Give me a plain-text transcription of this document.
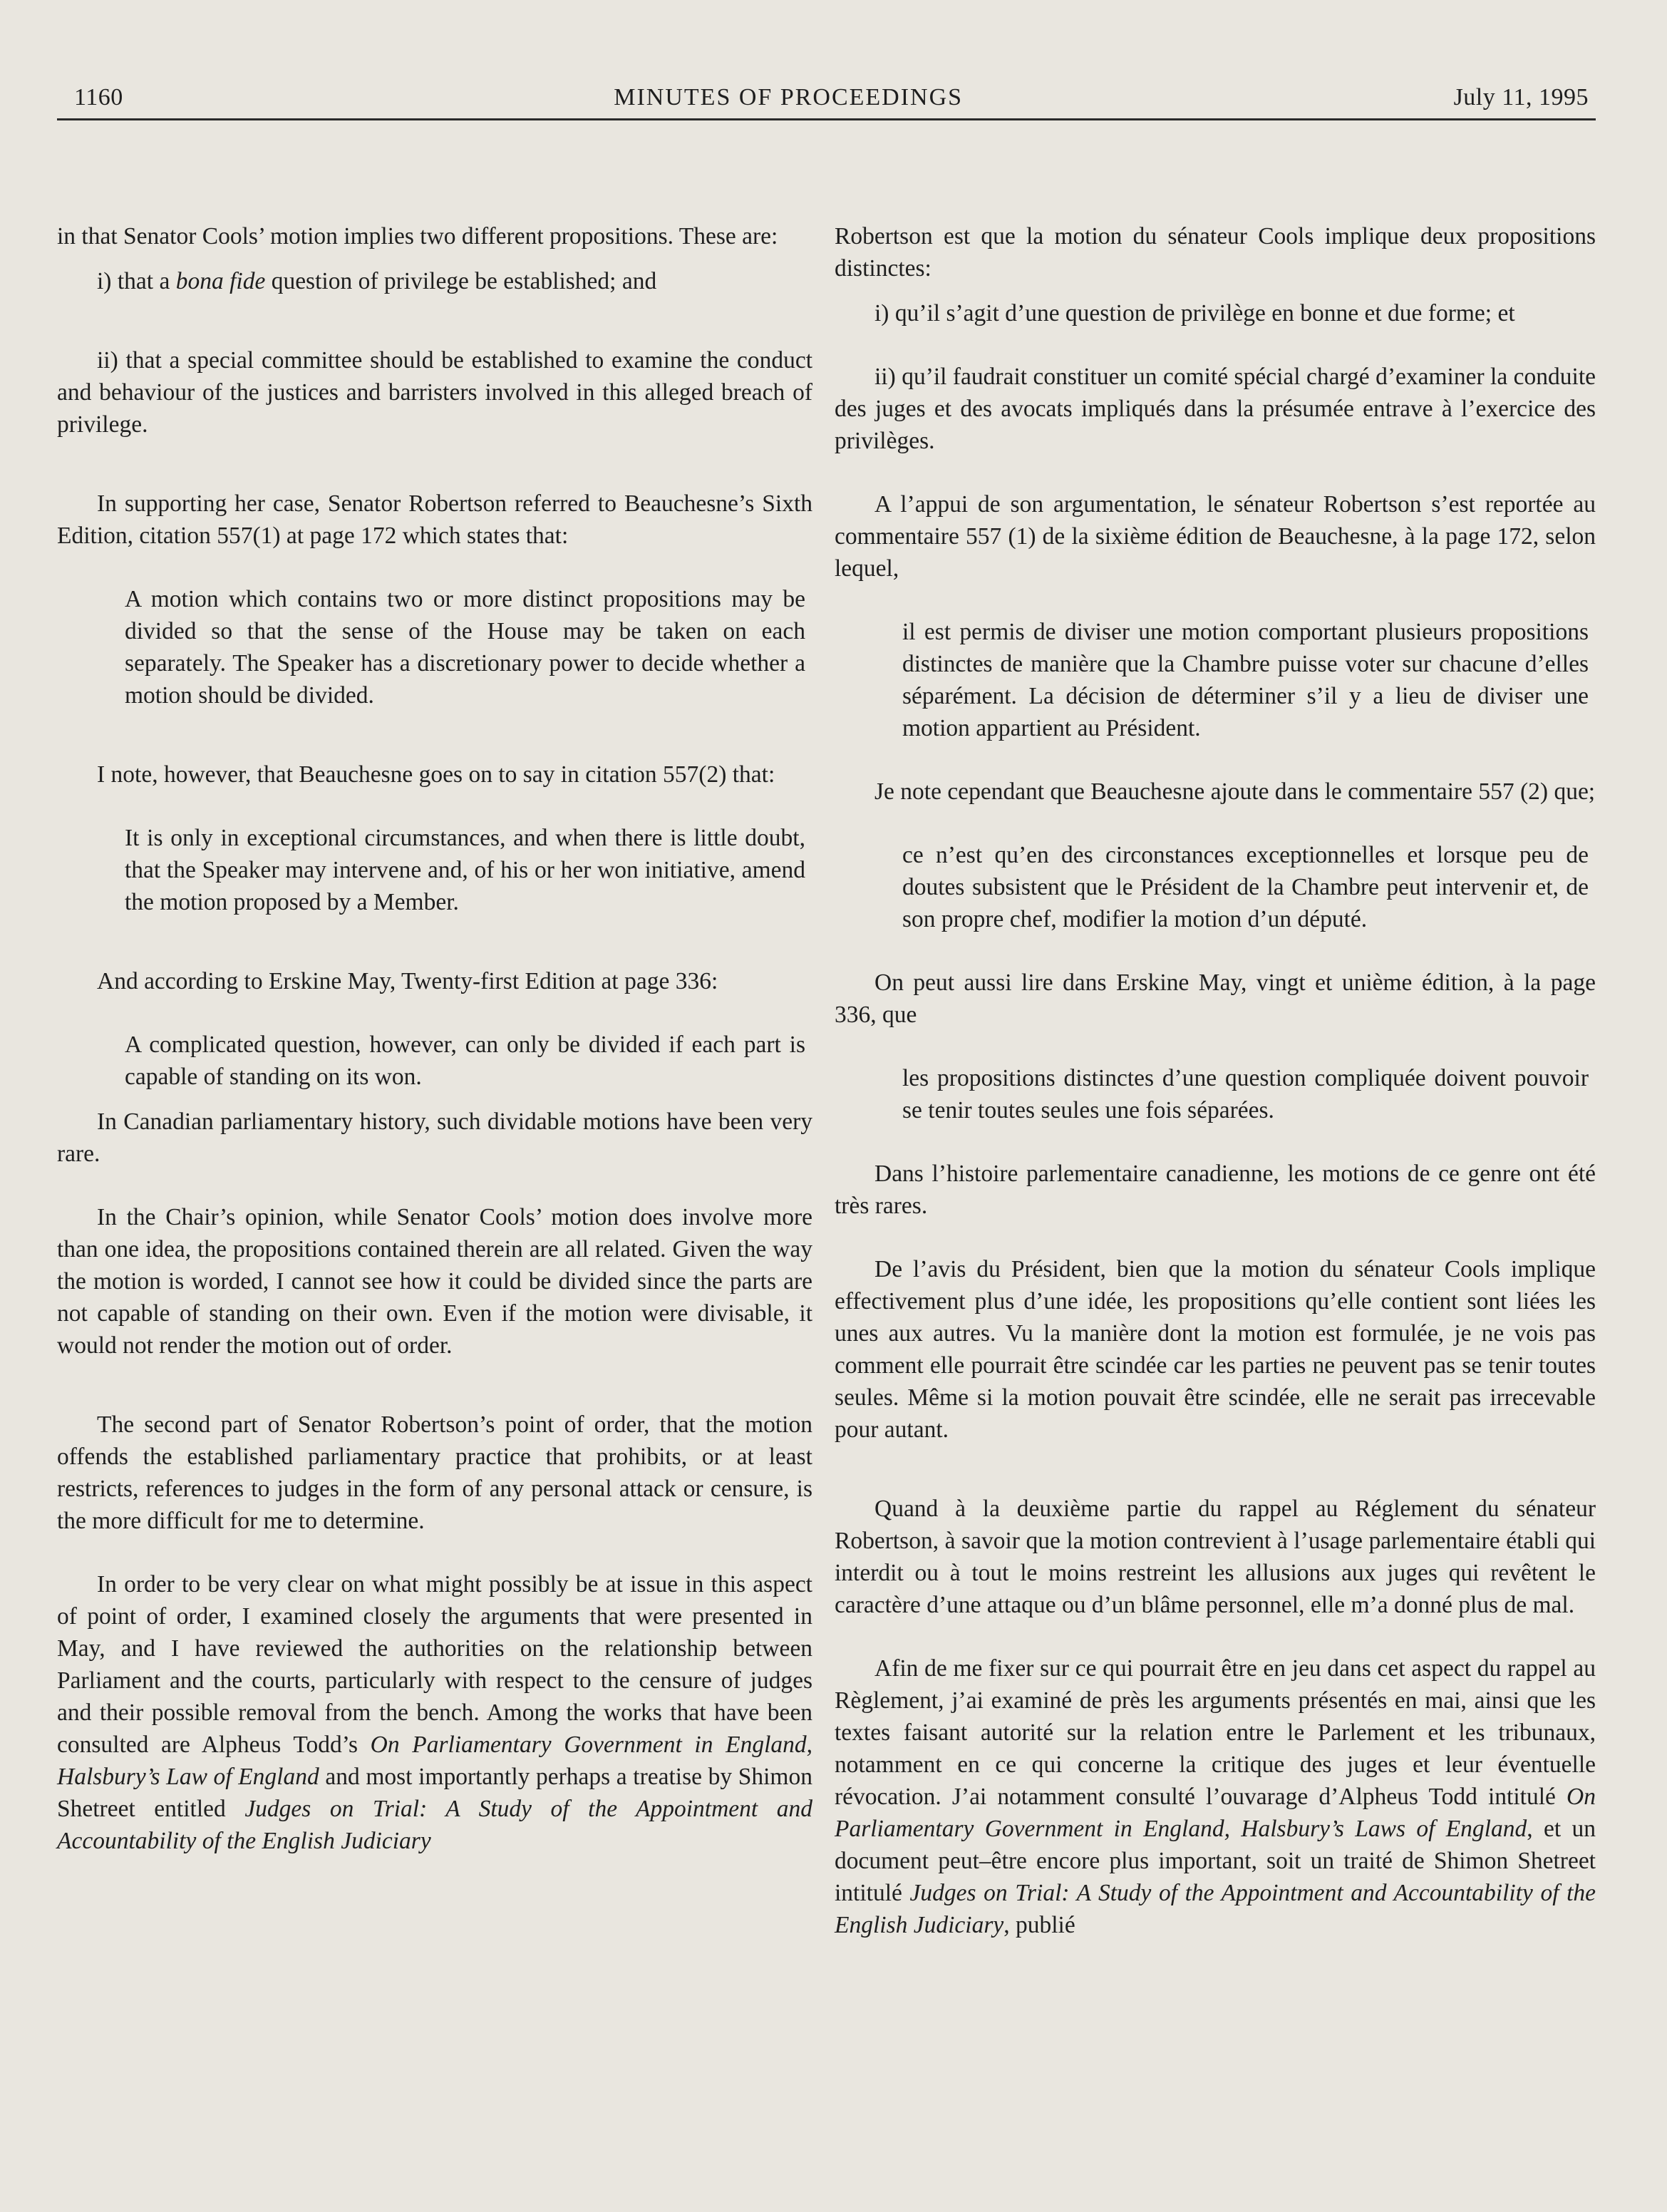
1160	MINUTES OF PROCEEDINGS	July 11, 1995

in that Senator Cools’ motion implies two different propositions. These are:

i) that a bona fide question of privilege be established; and

ii) that a special committee should be established to examine the conduct and behaviour of the justices and barristers involved in this alleged breach of privilege.

In supporting her case, Senator Robertson referred to Beauchesne’s Sixth Edition, citation 557(1) at page 172 which states that:

A motion which contains two or more distinct propositions may be divided so that the sense of the House may be taken on each separately. The Speaker has a discretionary power to decide whether a motion should be divided.

I note, however, that Beauchesne goes on to say in citation 557(2) that:

It is only in exceptional circumstances, and when there is little doubt, that the Speaker may intervene and, of his or her won initiative, amend the motion proposed by a Member.

And according to Erskine May, Twenty-first Edition at page 336:

A complicated question, however, can only be divided if each part is capable of standing on its won.

In Canadian parliamentary history, such dividable motions have been very rare.

In the Chair’s opinion, while Senator Cools’ motion does involve more than one idea, the propositions contained therein are all related. Given the way the motion is worded, I cannot see how it could be divided since the parts are not capable of standing on their own. Even if the motion were divisable, it would not render the motion out of order.

The second part of Senator Robertson’s point of order, that the motion offends the established parliamentary practice that prohibits, or at least restricts, references to judges in the form of any personal attack or censure, is the more difficult for me to determine.

In order to be very clear on what might possibly be at issue in this aspect of point of order, I examined closely the arguments that were presented in May, and I have reviewed the authorities on the relationship between Parliament and the courts, particularly with respect to the censure of judges and their possible removal from the bench. Among the works that have been consulted are Alpheus Todd’s On Parliamentary Government in England, Halsbury’s Law of England and most importantly perhaps a treatise by Shimon Shetreet entitled Judges on Trial: A Study of the Appointment and Accountability of the English Judiciary

Robertson est que la motion du sénateur Cools implique deux propositions distinctes:

i) qu’il s’agit d’une question de privilège en bonne et due forme; et

ii) qu’il faudrait constituer un comité spécial chargé d’examiner la conduite des juges et des avocats impliqués dans la présumée entrave à l’exercice des privilèges.

A l’appui de son argumentation, le sénateur Robertson s’est reportée au commentaire 557 (1) de la sixième édition de Beauchesne, à la page 172, selon lequel,

il est permis de diviser une motion comportant plusieurs propositions distinctes de manière que la Chambre puisse voter sur chacune d’elles séparément. La décision de déterminer s’il y a lieu de diviser une motion appartient au Président.

Je note cependant que Beauchesne ajoute dans le commentaire 557 (2) que;

ce n’est qu’en des circonstances exceptionnelles et lorsque peu de doutes subsistent que le Président de la Chambre peut intervenir et, de son propre chef, modifier la motion d’un député.

On peut aussi lire dans Erskine May, vingt et unième édition, à la page 336, que

les propositions distinctes d’une question compliquée doivent pouvoir se tenir toutes seules une fois séparées.

Dans l’histoire parlementaire canadienne, les motions de ce genre ont été très rares.

De l’avis du Président, bien que la motion du sénateur Cools implique effectivement plus d’une idée, les propositions qu’elle contient sont liées les unes aux autres. Vu la manière dont la motion est formulée, je ne vois pas comment elle pourrait être scindée car les parties ne peuvent pas se tenir toutes seules. Même si la motion pouvait être scindée, elle ne serait pas irrecevable pour autant.

Quand à la deuxième partie du rappel au Réglement du sénateur Robertson, à savoir que la motion contrevient à l’usage parlementaire établi qui interdit ou à tout le moins restreint les allusions aux juges qui revêtent le caractère d’une attaque ou d’un blâme personnel, elle m’a donné plus de mal.

Afin de me fixer sur ce qui pourrait être en jeu dans cet aspect du rappel au Règlement, j’ai examiné de près les arguments présentés en mai, ainsi que les textes faisant autorité sur la relation entre le Parlement et les tribunaux, notamment en ce qui concerne la critique des juges et leur éventuelle révocation. J’ai notamment consulté l’ouvarage d’Alpheus Todd intitulé On Parliamentary Government in England, Halsbury’s Laws of England, et un document peut–être encore plus important, soit un traité de Shimon Shetreet intitulé Judges on Trial: A Study of the Appointment and Accountability of the English Judiciary, publié
